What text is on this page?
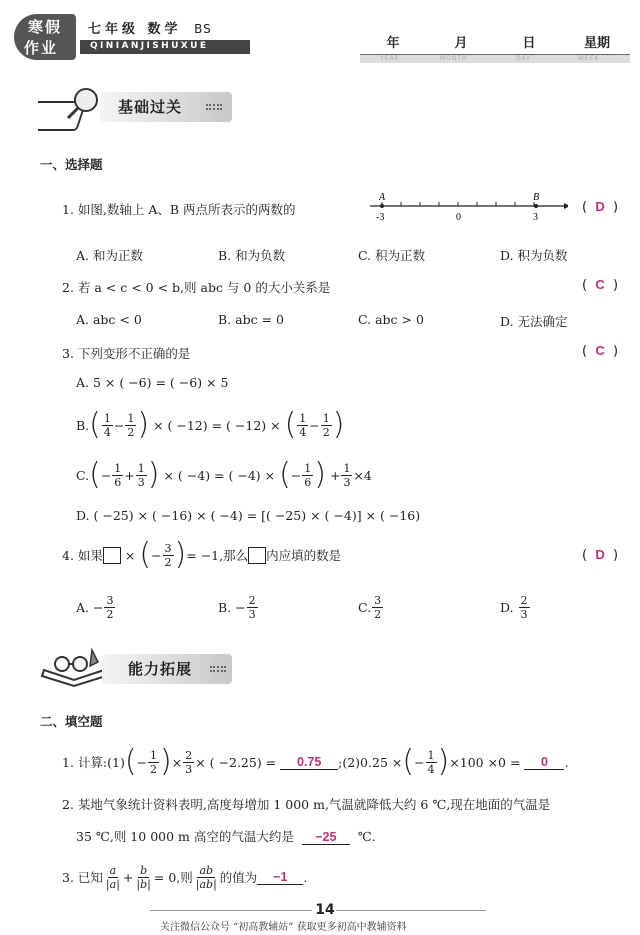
寒假
作业
七年级 数学 BS
QINIANJISHUXUE	年	月	日	星期
YEAR	MONTH	DAY	WEEK
基础过关
一、选择题
1. 如图,数轴上 A、B 两点所表示的两数的
A	B
-3	0	3
(  D  )
A. 和为正数	B. 和为负数	C. 积为正数	D. 积为负数
2. 若 a < c < 0 < b,则 abc 与 0 的大小关系是	(  C  )
A. abc < 0	B. abc = 0	C. abc > 0	D. 无法确定
3. 下列变形不正确的是	(  C  )
A. 5 × ( −6) = ( −6) × 5
B. ( $\frac{1}{4} - \frac{1}{2}$ ) × ( −12) = ( −12) × ( $\frac{1}{4} - \frac{1}{2}$ )
C. ( − $\frac{1}{6} + \frac{1}{3}$ ) × ( −4) = ( −4) × ( − $\frac{1}{6}$ ) + $\frac{1}{3} \times 4$
D. ( −25) × ( −16) × ( −4) = [( −25) × ( −4)] × ( −16)
4. 如果 × ( − $\frac{3}{2}$ ) = −1,那么 内应填的数是	(  D  )
A.
− $\frac{3}{2}$	B.
− $\frac{2}{3}$	C. $\frac{3}{2}$	D.
$\frac{2}{3}$
能力拓展
二、填空题
1. 计算:(1) ( − $\frac{1}{2}$ ) × $\frac{2}{3}$ × ( −2.25) =	0.75	;(2)0.25 × ( − $\frac{1}{4}$ ) ×100 ×0 =
	0	.
2. 某地气象统计资料表明,高度每增加 1 000 m,气温就降低大约 6 ℃,现在地面的气温是
35 ℃,则 10 000 m 高空的气温大约是 −25 ℃.
3. 已知 $\frac{a}{|a|} + \frac{b}{|b|} = 0$,则 $\frac{ab}{|ab|}$ 的值为	−1	.
14
关注微信公众号 “初高教辅站” 获取更多初高中教辅资料
